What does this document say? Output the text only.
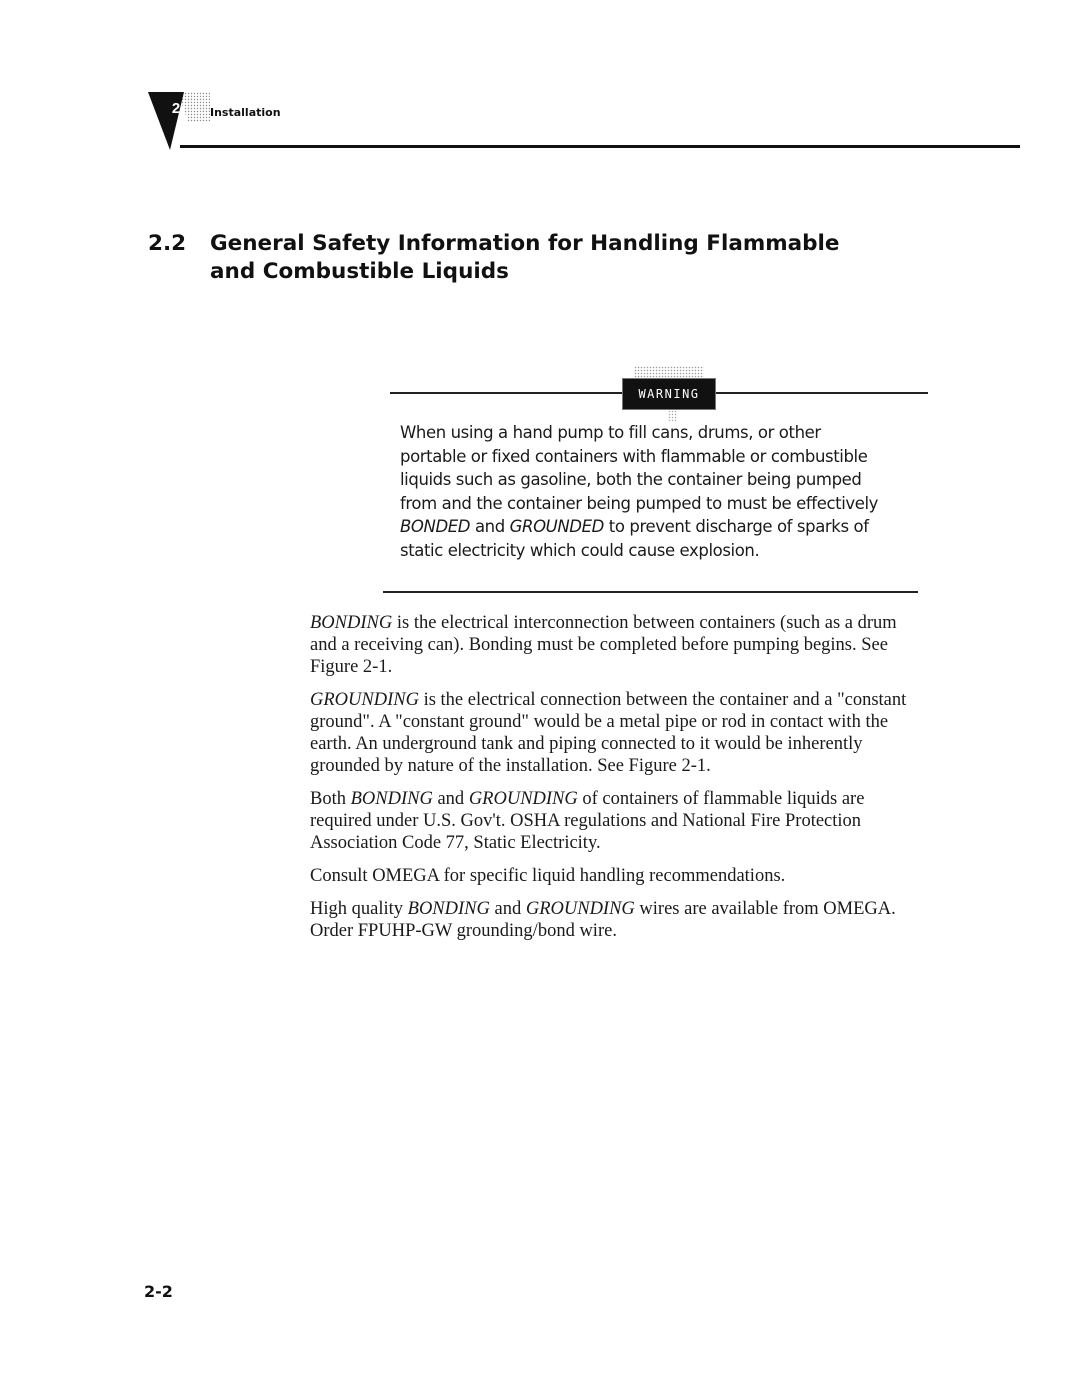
2	Installation
2.2 General Safety Information for Handling Flammable
and Combustible Liquids
WARNING
When using a hand pump to fill cans, drums, or other
portable or fixed containers with flammable or combustible
liquids such as gasoline, both the container being pumped
from and the container being pumped to must be effectively
BONDED and GROUNDED to prevent discharge of sparks of
static electricity which could cause explosion.

BONDING is the electrical interconnection between containers (such as a drum
and a receiving can). Bonding must be completed before pumping begins. See
Figure 2-1.

GROUNDING is the electrical connection between the container and a "constant
ground". A "constant ground" would be a metal pipe or rod in contact with the
earth. An underground tank and piping connected to it would be inherently
grounded by nature of the installation. See Figure 2-1.

Both BONDING and GROUNDING of containers of flammable liquids are
required under U.S. Gov't. OSHA regulations and National Fire Protection
Association Code 77, Static Electricity.

Consult OMEGA for specific liquid handling recommendations.

High quality BONDING and GROUNDING wires are available from OMEGA.
Order FPUHP-GW grounding/bond wire.

2-2
